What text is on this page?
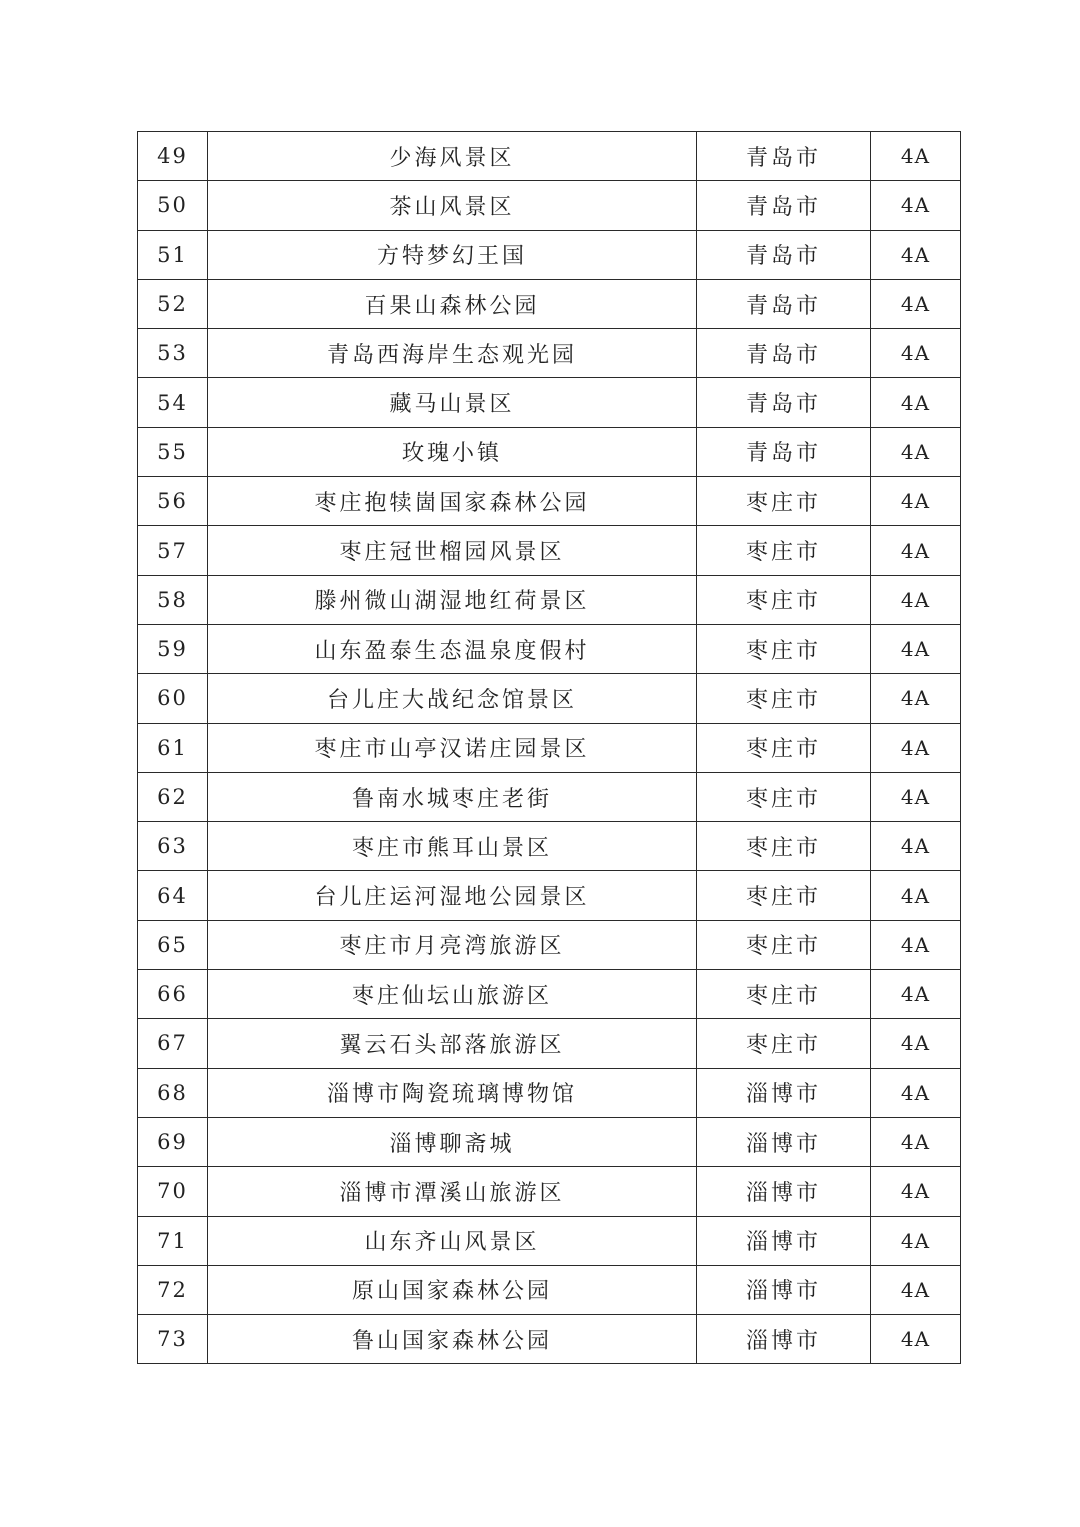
49	少海风景区	青岛市	4A
50	茶山风景区	青岛市	4A
51	方特梦幻王国	青岛市	4A
52	百果山森林公园	青岛市	4A
53	青岛西海岸生态观光园	青岛市	4A
54	藏马山景区	青岛市	4A
55	玫瑰小镇	青岛市	4A
56	枣庄抱犊崮国家森林公园	枣庄市	4A
57	枣庄冠世榴园风景区	枣庄市	4A
58	滕州微山湖湿地红荷景区	枣庄市	4A
59	山东盈泰生态温泉度假村	枣庄市	4A
60	台儿庄大战纪念馆景区	枣庄市	4A
61	枣庄市山亭汉诺庄园景区	枣庄市	4A
62	鲁南水城枣庄老街	枣庄市	4A
63	枣庄市熊耳山景区	枣庄市	4A
64	台儿庄运河湿地公园景区	枣庄市	4A
65	枣庄市月亮湾旅游区	枣庄市	4A
66	枣庄仙坛山旅游区	枣庄市	4A
67	翼云石头部落旅游区	枣庄市	4A
68	淄博市陶瓷琉璃博物馆	淄博市	4A
69	淄博聊斋城	淄博市	4A
70	淄博市潭溪山旅游区	淄博市	4A
71	山东齐山风景区	淄博市	4A
72	原山国家森林公园	淄博市	4A
73	鲁山国家森林公园	淄博市	4A
